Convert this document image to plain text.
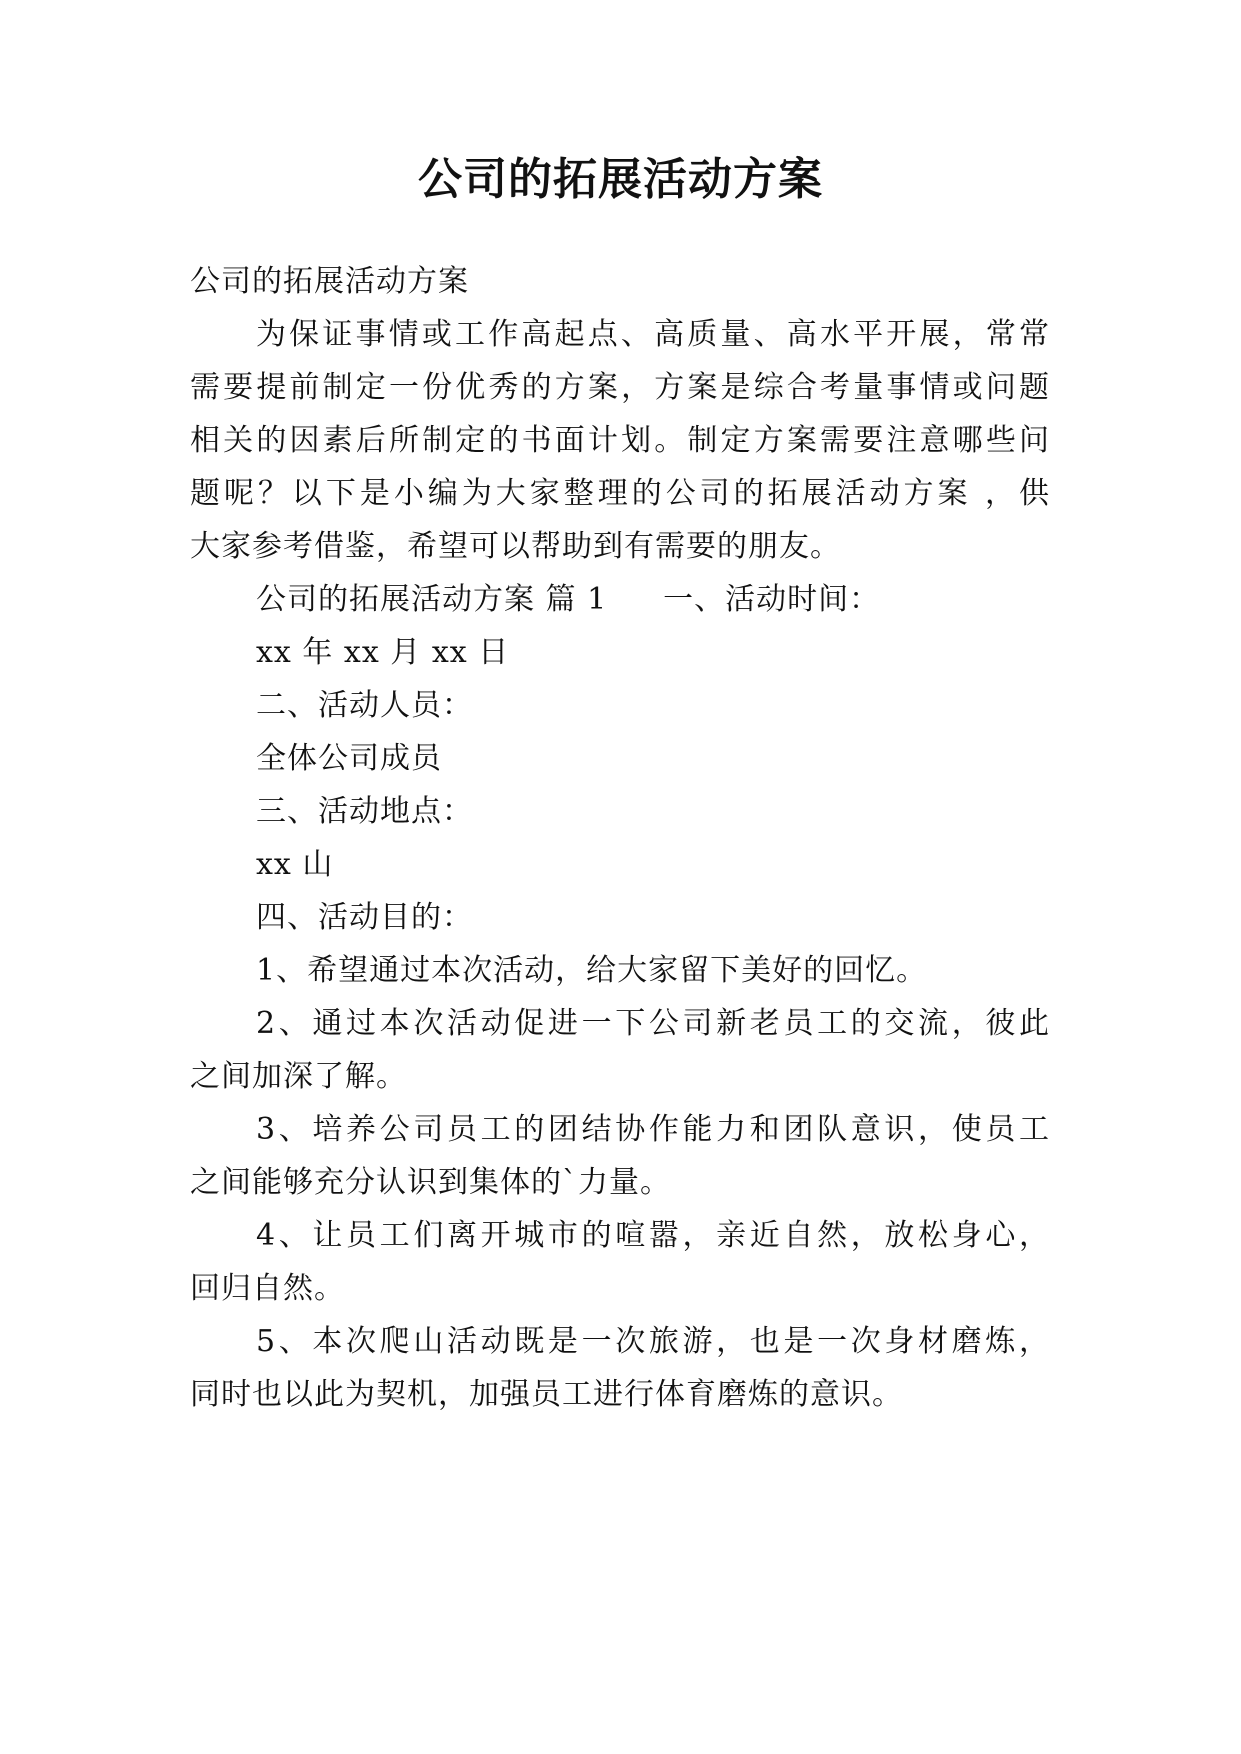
公司的拓展活动方案
公司的拓展活动方案
为保证事情或工作高起点、高质量、高水平开展，常常
需要提前制定一份优秀的方案，方案是综合考量事情或问题
相关的因素后所制定的书面计划。制定方案需要注意哪些问
题呢？以下是小编为大家整理的公司的拓展活动方案 ，供
大家参考借鉴，希望可以帮助到有需要的朋友。
公司的拓展活动方案 篇 1 一、活动时间：
xx 年 xx 月 xx 日
二、活动人员：
全体公司成员
三、活动地点：
xx 山
四、活动目的：
1、希望通过本次活动，给大家留下美好的回忆。
2、通过本次活动促进一下公司新老员工的交流，彼此
之间加深了解。
3、培养公司员工的团结协作能力和团队意识，使员工
之间能够充分认识到集体的`力量。
4、让员工们离开城市的喧嚣，亲近自然，放松身心，
回归自然。
5、本次爬山活动既是一次旅游，也是一次身材磨炼，
同时也以此为契机，加强员工进行体育磨炼的意识。
